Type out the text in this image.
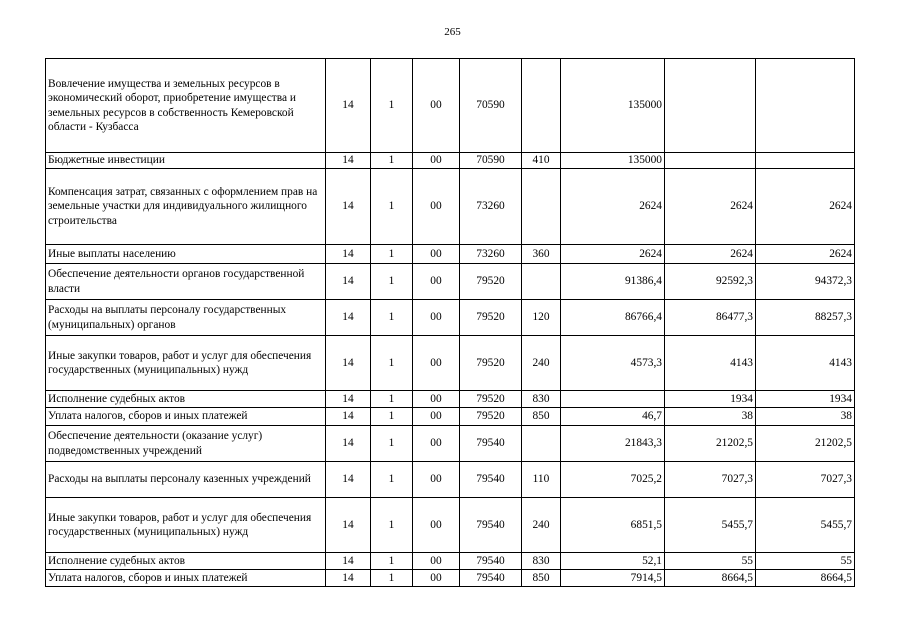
265
Вовлечение имущества и земельных ресурсов в экономический оборот, приобретение имущества и земельных ресурсов в собственность Кемеровской области - Кузбасса	14	1	00	70590		135000		
Бюджетные инвестиции	14	1	00	70590	410	135000		
Компенсация затрат, связанных с оформлением прав на земельные участки для индивидуального жилищного строительства	14	1	00	73260		2624	2624	2624
Иные выплаты населению	14	1	00	73260	360	2624	2624	2624
Обеспечение деятельности органов государственной власти	14	1	00	79520		91386,4	92592,3	94372,3
Расходы на выплаты персоналу государственных (муниципальных) органов	14	1	00	79520	120	86766,4	86477,3	88257,3
Иные закупки товаров, работ и услуг для обеспечения государственных (муниципальных) нужд	14	1	00	79520	240	4573,3	4143	4143
Исполнение судебных актов	14	1	00	79520	830		1934	1934
Уплата налогов, сборов и иных платежей	14	1	00	79520	850	46,7	38	38
Обеспечение деятельности (оказание услуг) подведомственных учреждений	14	1	00	79540		21843,3	21202,5	21202,5
Расходы на выплаты персоналу казенных учреждений	14	1	00	79540	110	7025,2	7027,3	7027,3
Иные закупки товаров, работ и услуг для обеспечения государственных (муниципальных) нужд	14	1	00	79540	240	6851,5	5455,7	5455,7
Исполнение судебных актов	14	1	00	79540	830	52,1	55	55
Уплата налогов, сборов и иных платежей	14	1	00	79540	850	7914,5	8664,5	8664,5
